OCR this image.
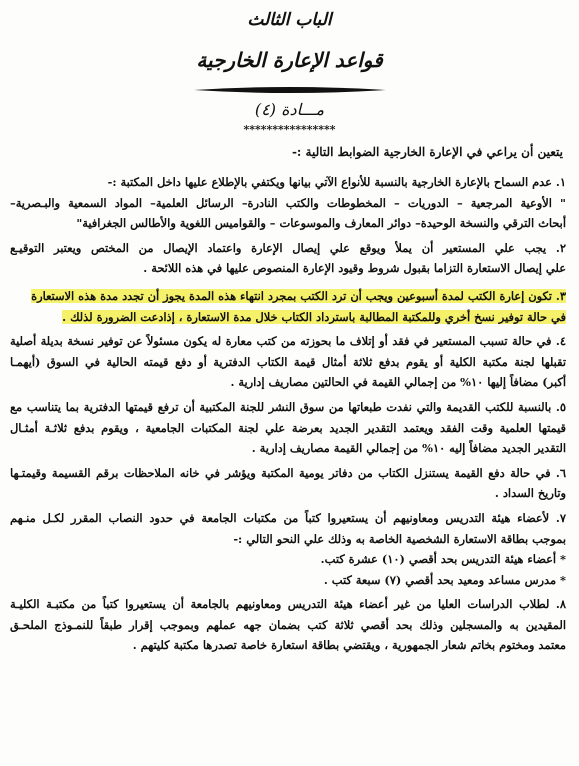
الباب الثالث
قواعد الإعارة الخارجية
مـــادة (٤)
****************
يتعين أن يراعي في الإعارة الخارجية الضوابط التالية :-
١. عدم السماح بالإعارة الخارجية بالنسبة للأنواع الآتي بيانها ويكتفي بالإطلاع عليها داخل المكتبة :-
" الأوعية المرجعية – الدوريات – المخطوطات والكتب النادرة– الرسائل العلمية– المواد السمعية والبـصرية–
أبحاث الترقي والنسخة الوحيدة– دوائر المعارف والموسوعات – والقواميس اللغوية والأطالس الجغرافية"
٢. يجب علي المستعير أن يملأ ويوقع علي إيصال الإعارة واعتماد الإيصال من المختص ويعتبر التوقيـع
علي إيصال الاستعارة التزاما بقبول شروط وقيود الإعارة المنصوص عليها في هذه اللائحة .
٣. تكون إعارة الكتب لمدة أسبوعين ويجب أن ترد الكتب بمجرد انتهاء هذه المدة يجوز أن تجدد مدة هذه الاستعارة
في حالة توفير نسخ أخري وللمكتبة المطالبة باسترداد الكتاب خلال مدة الاستعارة ، إذادعت الضرورة لذلك .
٤. في حالة تسبب المستعير في فقد أو إتلاف ما بحوزته من كتب معارة له يكون مسئولاً عن توفير نسخة بديلة أصلية
تقبلها لجنة مكتبة الكلية أو يقوم بدفع ثلاثة أمثال قيمة الكتاب الدفترية أو دفع قيمته الحالية في السوق (أيهمـا
أكبر) مضافاً إليها ١٠% من إجمالي القيمة في الحالتين مصاريف إدارية .
٥. بالنسبة للكتب القديمة والتي نفدت طبعاتها من سوق النشر للجنة المكتبية أن ترفع قيمتها الدفترية بما يتناسب مع
قيمتها العلمية وقت الفقد ويعتمد التقدير الجديد بعرضة علي لجنة المكتبات الجامعية ، ويقوم بدفع ثلاثـة أمثـال
التقدير الجديد مضافاً إليه ١٠% من إجمالي القيمة مصاريف إدارية .
٦. في حالة دفع القيمة يستنزل الكتاب من دفاتر يومية المكتبة ويؤشر في خانه الملاحظات برقم القسيمة وقيمتـها
وتاريخ السداد .
٧. لأعضاء هيئة التدريس ومعاونيهم أن يستعيروا كتباً من مكتبات الجامعة في حدود النصاب المقرر لكـل منـهم
بموجب بطاقة الاستعارة الشخصية الخاصة به وذلك علي النحو التالي :-
* أعضاء هيئة التدريس بحد أقصي (١٠) عشرة كتب.
* مدرس مساعد ومعيد بحد أقصي (٧) سبعة كتب .
٨. لطلاب الدراسات العليا من غير أعضاء هيئة التدريس ومعاونيهم بالجامعة أن يستعيروا كتباً من مكتبـة الكليـة
المقيدين به والمسجلين وذلك بحد أقصي ثلاثة كتب بضمان جهه عملهم وبموجب إقرار طبقاً للنمـوذج الملحـق
معتمد ومختوم بخاتم شعار الجمهورية ، ويقتضي بطاقة استعارة خاصة تصدرها مكتبة كليتهم .
